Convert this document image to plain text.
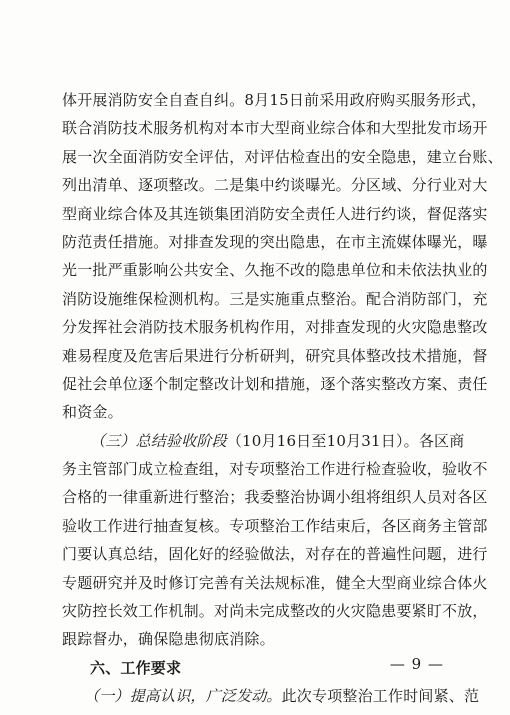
体开展消防安全自查自纠。8月15日前采用政府购买服务形式，
联合消防技术服务机构对本市大型商业综合体和大型批发市场开
展一次全面消防安全评估，对评估检查出的安全隐患，建立台账、
列出清单、逐项整改。二是集中约谈曝光。分区域、分行业对大
型商业综合体及其连锁集团消防安全责任人进行约谈，督促落实
防范责任措施。对排查发现的突出隐患，在市主流媒体曝光，曝
光一批严重影响公共安全、久拖不改的隐患单位和未依法执业的
消防设施维保检测机构。三是实施重点整治。配合消防部门，充
分发挥社会消防技术服务机构作用，对排查发现的火灾隐患整改
难易程度及危害后果进行分析研判，研究具体整改技术措施，督
促社会单位逐个制定整改计划和措施，逐个落实整改方案、责任
和资金。
（三）总结验收阶段（10月16日至10月31日）。各区商
务主管部门成立检查组，对专项整治工作进行检查验收，验收不
合格的一律重新进行整治；我委整治协调小组将组织人员对各区
验收工作进行抽查复核。专项整治工作结束后，各区商务主管部
门要认真总结，固化好的经验做法，对存在的普遍性问题，进行
专题研究并及时修订完善有关法规标准，健全大型商业综合体火
灾防控长效工作机制。对尚未完成整改的火灾隐患要紧盯不放，
跟踪督办，确保隐患彻底消除。
六、工作要求
（一）提高认识，广泛发动。此次专项整治工作时间紧、范
— 9 —
